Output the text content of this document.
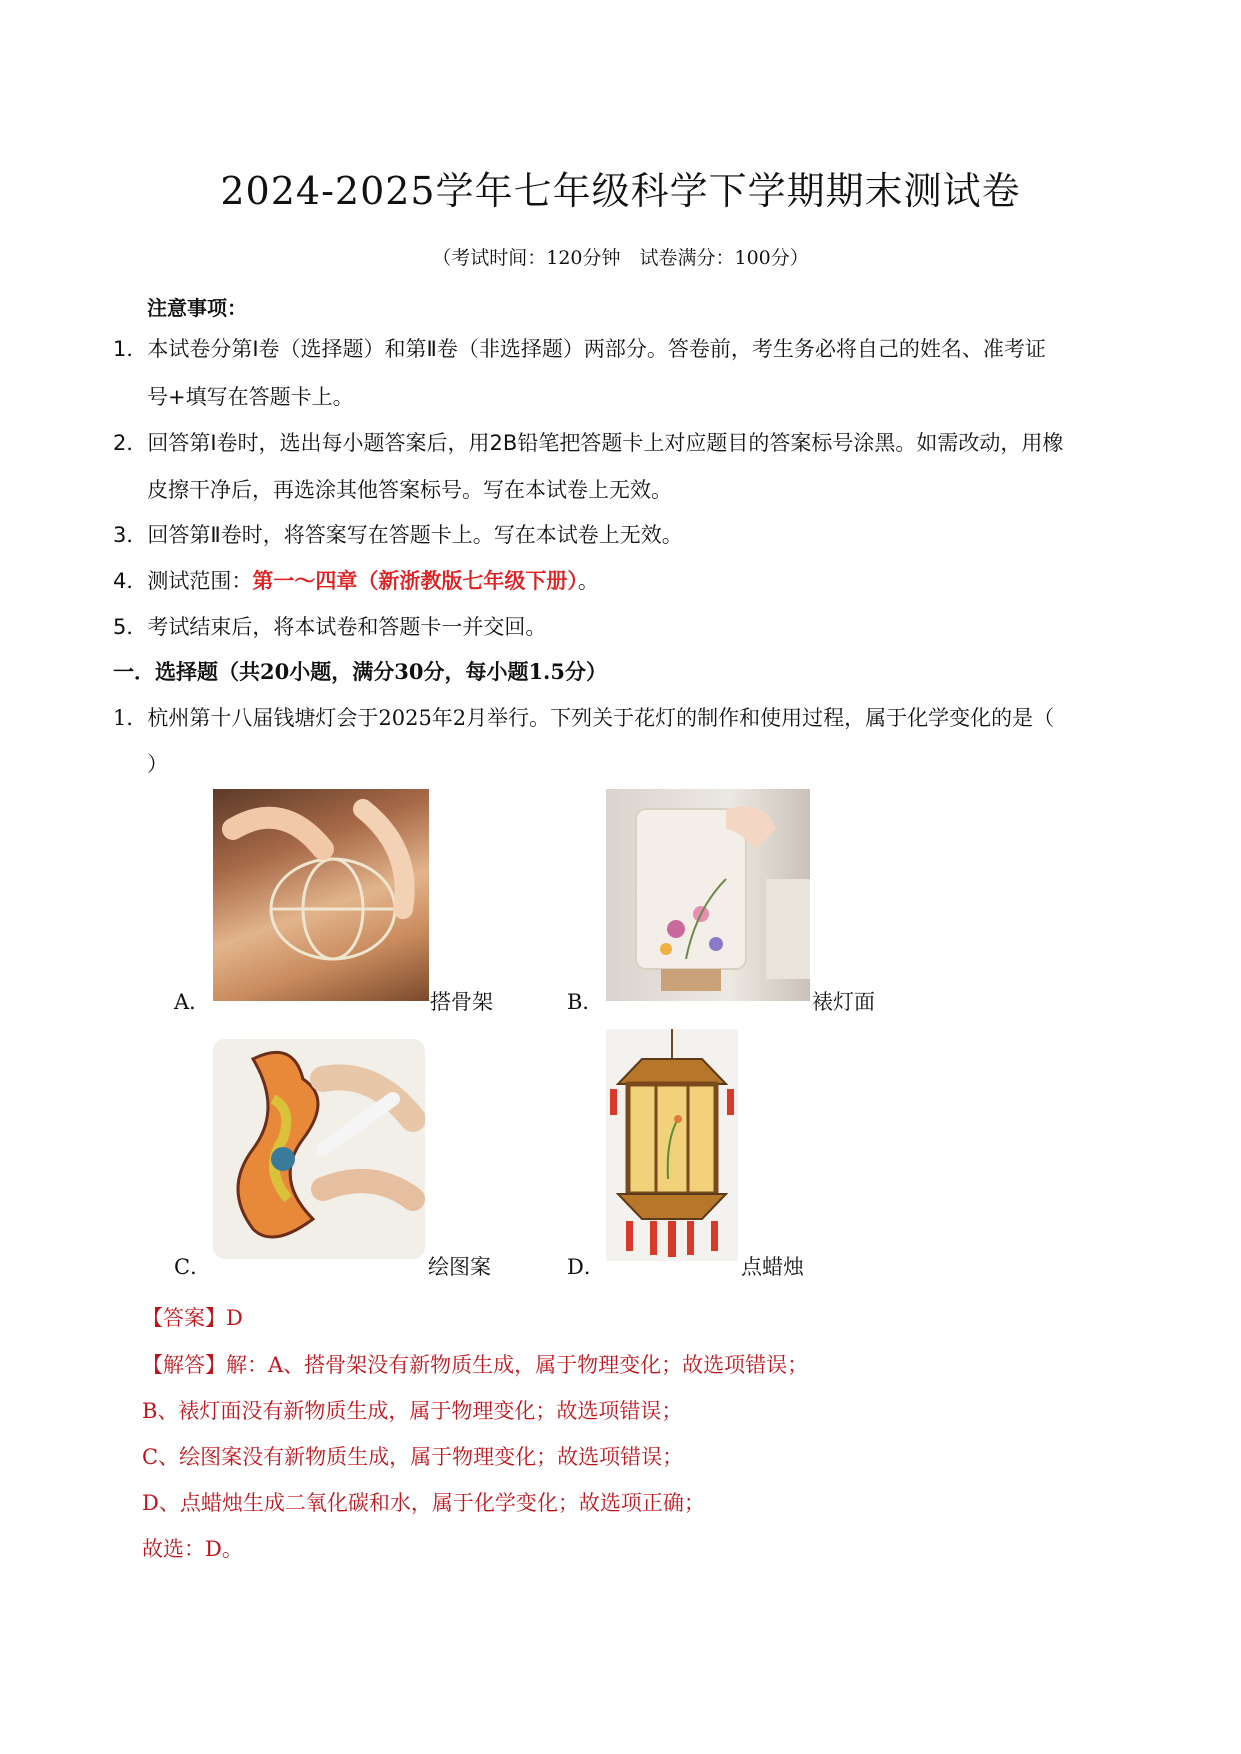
2024-2025学年七年级科学下学期期末测试卷
（考试时间：120分钟　试卷满分：100分）
注意事项：
1．本试卷分第Ⅰ卷（选择题）和第Ⅱ卷（非选择题）两部分。答卷前，考生务必将自己的姓名、准考证
号+填写在答题卡上。
2．回答第Ⅰ卷时，选出每小题答案后，用2B铅笔把答题卡上对应题目的答案标号涂黑。如需改动，用橡
皮擦干净后，再选涂其他答案标号。写在本试卷上无效。
3．回答第Ⅱ卷时，将答案写在答题卡上。写在本试卷上无效。
4．测试范围：第一～四章（新浙教版七年级下册）。
5．考试结束后，将本试卷和答题卡一并交回。
一．选择题（共20小题，满分30分，每小题1.5分）
1．杭州第十八届钱塘灯会于2025年2月举行。下列关于花灯的制作和使用过程，属于化学变化的是（
）
A．	搭骨架	B．	裱灯面
C．	绘图案	D．	点蜡烛
【答案】D
【解答】解：A、搭骨架没有新物质生成，属于物理变化；故选项错误；
B、裱灯面没有新物质生成，属于物理变化；故选项错误；
C、绘图案没有新物质生成，属于物理变化；故选项错误；
D、点蜡烛生成二氧化碳和水，属于化学变化；故选项正确；
故选：D。
